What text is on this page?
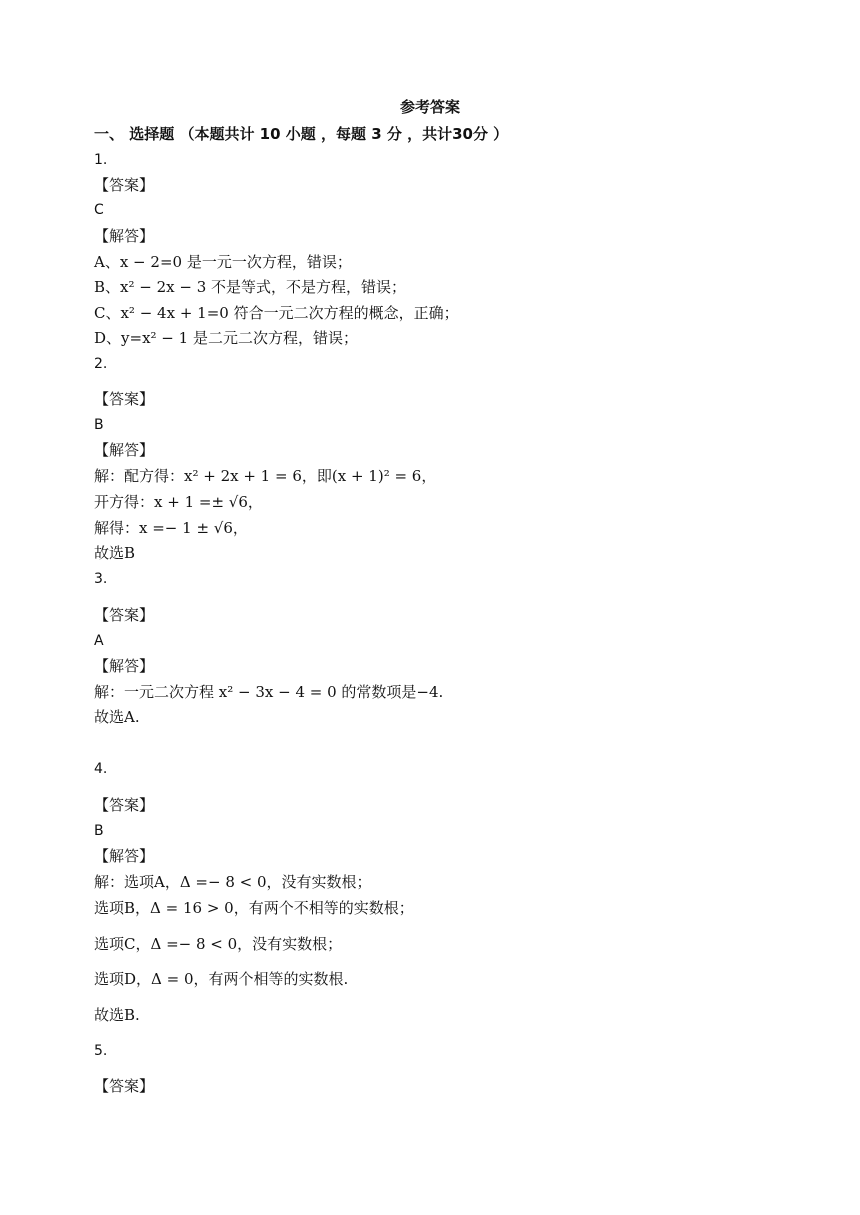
参考答案
一、 选择题 （本题共计 10 小题 ，每题 3 分 ，共计30分 ）
1.
【答案】
C
【解答】
A、x − 2=0 是一元一次方程，错误；
B、x² − 2x − 3 不是等式，不是方程，错误；
C、x² − 4x + 1=0 符合一元二次方程的概念，正确；
D、y=x² − 1 是二元二次方程，错误；
2.
【答案】
B
【解答】
解：配方得：x² + 2x + 1 = 6，即(x + 1)² = 6，
开方得：x + 1 =± √6，
解得：x =− 1 ± √6，
故选B
3.
【答案】
A
【解答】
解：一元二次方程 x² − 3x − 4 = 0 的常数项是−4.
故选A.
4.
【答案】
B
【解答】
解：选项A，Δ =− 8 < 0，没有实数根；
选项B，Δ = 16 > 0，有两个不相等的实数根；
选项C，Δ =− 8 < 0，没有实数根；
选项D，Δ = 0，有两个相等的实数根.
故选B.
5.
【答案】
